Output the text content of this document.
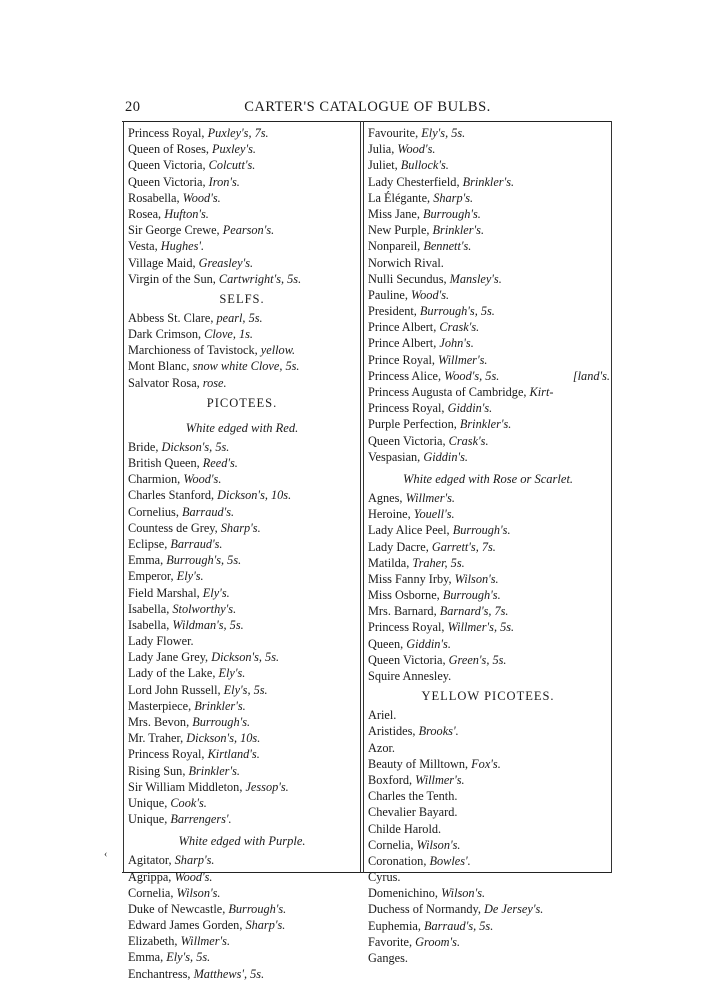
20	CARTER'S CATALOGUE OF BULBS.
Princess Royal, Puxley's, 7s.
Queen of Roses, Puxley's.
Queen Victoria, Colcutt's.
Queen Victoria, Iron's.
Rosabella, Wood's.
Rosea, Hufton's.
Sir George Crewe, Pearson's.
Vesta, Hughes'.
Village Maid, Greasley's.
Virgin of the Sun, Cartwright's, 5s.
SELFS.
Abbess St. Clare, pearl, 5s.
Dark Crimson, Clove, 1s.
Marchioness of Tavistock, yellow.
Mont Blanc, snow white Clove, 5s.
Salvator Rosa, rose.
PICOTEES.
White edged with Red.
Bride, Dickson's, 5s.
British Queen, Reed's.
Charmion, Wood's.
Charles Stanford, Dickson's, 10s.
Cornelius, Barraud's.
Countess de Grey, Sharp's.
Eclipse, Barraud's.
Emma, Burrough's, 5s.
Emperor, Ely's.
Field Marshal, Ely's.
Isabella, Stolworthy's.
Isabella, Wildman's, 5s.
Lady Flower.
Lady Jane Grey, Dickson's, 5s.
Lady of the Lake, Ely's.
Lord John Russell, Ely's, 5s.
Masterpiece, Brinkler's.
Mrs. Bevon, Burrough's.
Mr. Traher, Dickson's, 10s.
Princess Royal, Kirtland's.
Rising Sun, Brinkler's.
Sir William Middleton, Jessop's.
Unique, Cook's.
Unique, Barrengers'.
White edged with Purple.
Agitator, Sharp's.
Agrippa, Wood's.
Cornelia, Wilson's.
Duke of Newcastle, Burrough's.
Edward James Gorden, Sharp's.
Elizabeth, Willmer's.
Emma, Ely's, 5s.
Enchantress, Matthews', 5s.
Favourite, Ely's, 5s.
Julia, Wood's.
Juliet, Bullock's.
Lady Chesterfield, Brinkler's.
La Élégante, Sharp's.
Miss Jane, Burrough's.
New Purple, Brinkler's.
Nonpareil, Bennett's.
Norwich Rival.
Nulli Secundus, Mansley's.
Pauline, Wood's.
President, Burrough's, 5s.
Prince Albert, Crask's.
Prince Albert, John's.
Prince Royal, Willmer's.
Princess Alice, Wood's, 5s.	[land's.
Princess Augusta of Cambridge, Kirt-
Princess Royal, Giddin's.
Purple Perfection, Brinkler's.
Queen Victoria, Crask's.
Vespasian, Giddin's.
White edged with Rose or Scarlet.
Agnes, Willmer's.
Heroine, Youell's.
Lady Alice Peel, Burrough's.
Lady Dacre, Garrett's, 7s.
Matilda, Traher, 5s.
Miss Fanny Irby, Wilson's.
Miss Osborne, Burrough's.
Mrs. Barnard, Barnard's, 7s.
Princess Royal, Willmer's, 5s.
Queen, Giddin's.
Queen Victoria, Green's, 5s.
Squire Annesley.
YELLOW PICOTEES.
Ariel.
Aristides, Brooks'.
Azor.
Beauty of Milltown, Fox's.
Boxford, Willmer's.
Charles the Tenth.
Chevalier Bayard.
Childe Harold.
Cornelia, Wilson's.
Coronation, Bowles'.
Cyrus.
Domenichino, Wilson's.
Duchess of Normandy, De Jersey's.
Euphemia, Barraud's, 5s.
Favorite, Groom's.
Ganges.
‹
